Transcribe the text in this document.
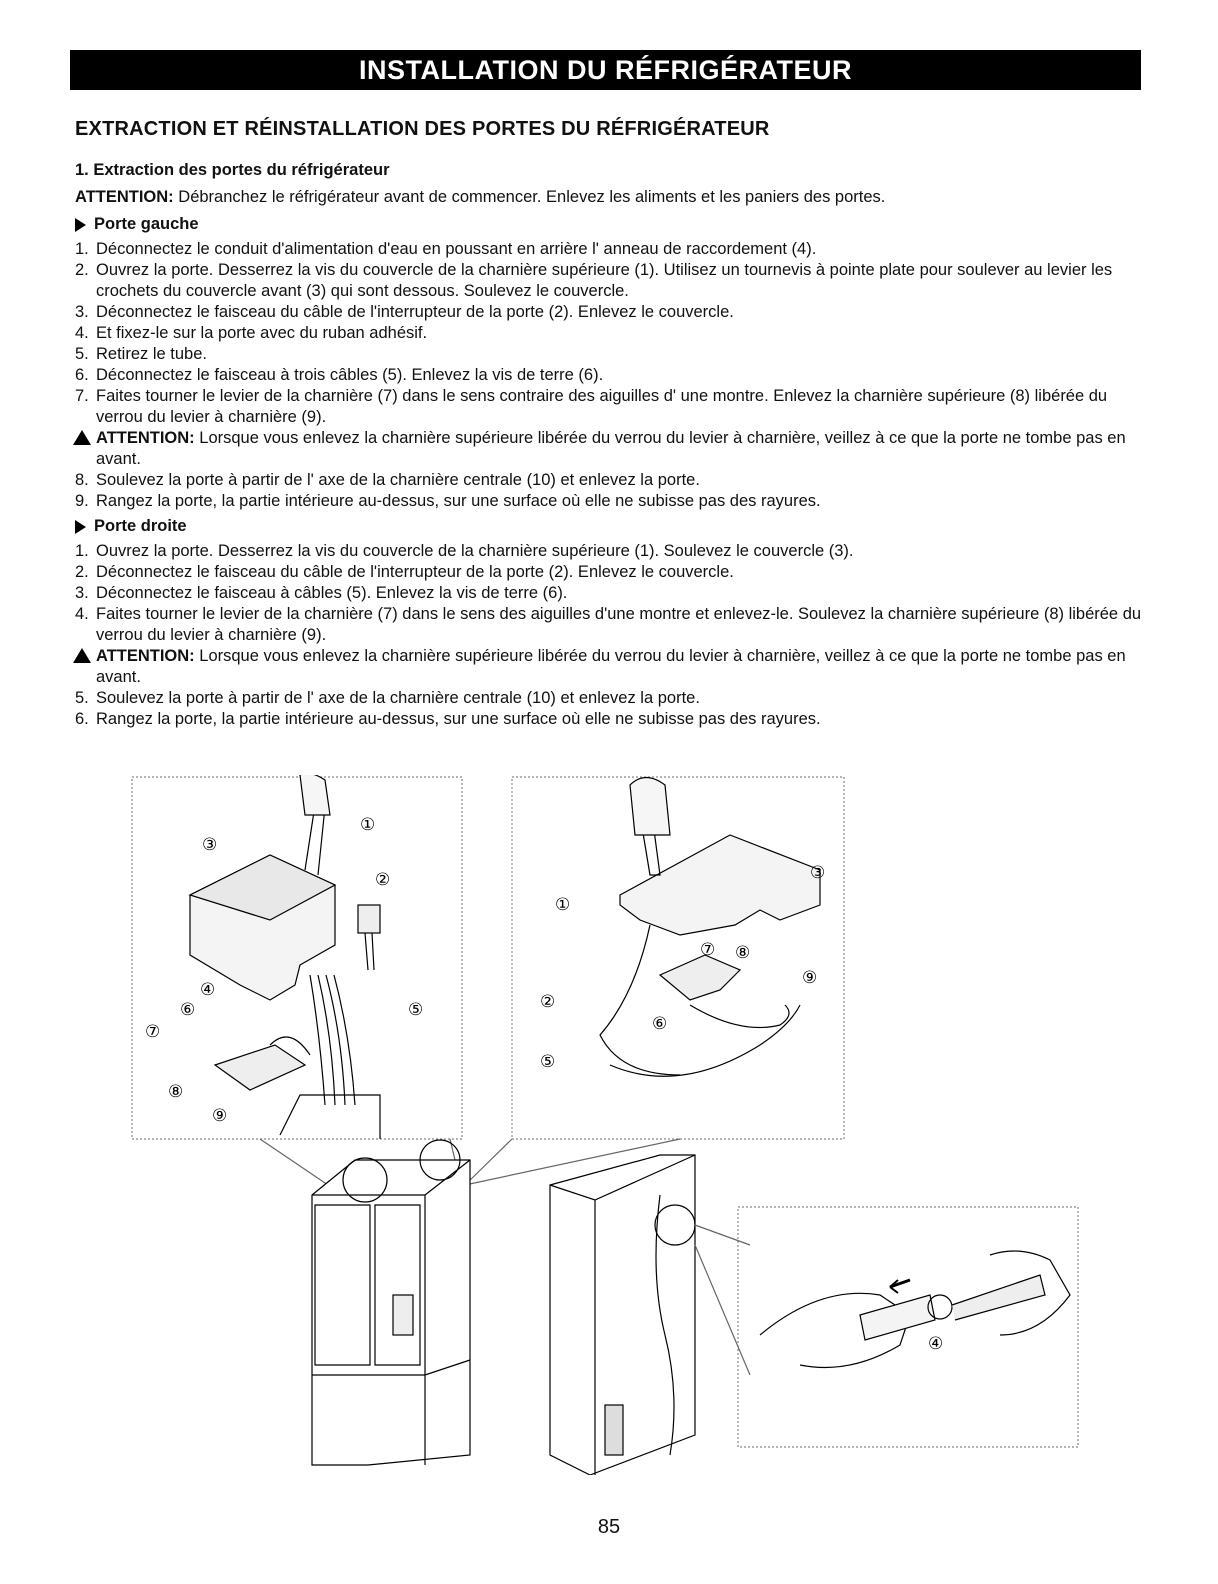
INSTALLATION DU RÉFRIGÉRATEUR
EXTRACTION ET RÉINSTALLATION DES PORTES DU RÉFRIGÉRATEUR
1. Extraction des portes du réfrigérateur
ATTENTION: Débranchez le réfrigérateur avant de commencer. Enlevez les aliments et les paniers des portes.
Porte gauche
1. Déconnectez le conduit d'alimentation d'eau en poussant en arrière l' anneau de raccordement (4).
2. Ouvrez la porte. Desserrez la vis du couvercle de la charnière supérieure (1). Utilisez un tournevis à pointe plate pour soulever au levier les crochets du couvercle avant (3) qui sont dessous. Soulevez le couvercle.
3. Déconnectez le faisceau du câble de l'interrupteur de la porte (2). Enlevez le couvercle.
4. Et fixez-le sur la porte avec du ruban adhésif.
5. Retirez le tube.
6. Déconnectez le faisceau à trois câbles (5). Enlevez la vis de terre (6).
7. Faites tourner le levier de la charnière (7) dans le sens contraire des aiguilles d' une montre. Enlevez la charnière supérieure (8) libérée du verrou du levier à charnière (9).
ATTENTION: Lorsque vous enlevez la charnière supérieure libérée du verrou du levier à charnière, veillez à ce que la porte ne tombe pas en avant.
8. Soulevez la porte à partir de l' axe de la charnière centrale (10) et enlevez la porte.
9. Rangez la porte, la partie intérieure au-dessus, sur une surface où elle ne subisse pas des rayures.
Porte droite
1. Ouvrez la porte. Desserrez la vis du couvercle de la charnière supérieure (1). Soulevez le couvercle (3).
2. Déconnectez le faisceau du câble de l'interrupteur de la porte (2). Enlevez le couvercle.
3. Déconnectez le faisceau à câbles (5). Enlevez la vis de terre (6).
4. Faites tourner le levier de la charnière (7) dans le sens des aiguilles d'une montre et enlevez-le. Soulevez la charnière supérieure (8) libérée du verrou du levier à charnière (9).
ATTENTION: Lorsque vous enlevez la charnière supérieure libérée du verrou du levier à charnière, veillez à ce que la porte ne tombe pas en avant.
5. Soulevez la porte à partir de l' axe de la charnière centrale (10) et enlevez la porte.
6. Rangez la porte, la partie intérieure au-dessus, sur une surface où elle ne subisse pas des rayures.
③
①
②
④
⑥	⑤
⑦
⑧
⑨
①
③
⑦ ⑧
⑨
②
⑥
⑤
④
85
